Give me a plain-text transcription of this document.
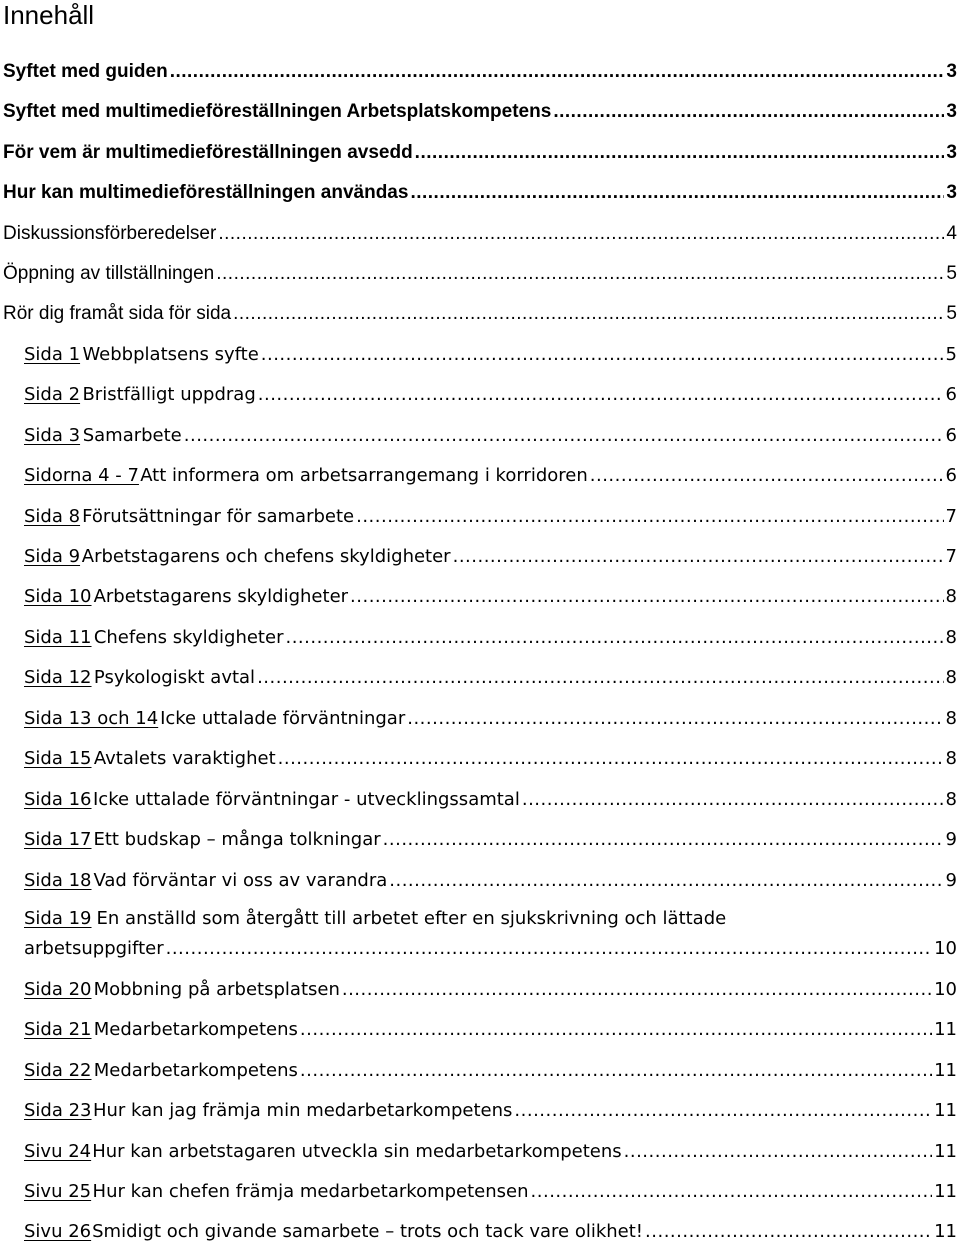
Innehåll
Syftet med guiden .....	3
Syftet med multimedieföreställningen Arbetsplatskompetens .....	3
För vem är multimedieföreställningen avsedd .....	3
Hur kan multimedieföreställningen användas .....	3
Diskussionsförberedelser .....	4
Öppning av tillställningen .....	5
Rör dig framåt sida för sida .....	5
Sida 1 Webbplatsens syfte .....	5
Sida 2 Bristfälligt uppdrag .....	6
Sida 3 Samarbete .....	6
Sidorna 4 - 7 Att informera om arbetsarrangemang i korridoren .....	6
Sida 8 Förutsättningar för samarbete .....	7
Sida 9 Arbetstagarens och chefens skyldigheter .....	7
Sida 10 Arbetstagarens skyldigheter .....	8
Sida 11 Chefens skyldigheter .....	8
Sida 12 Psykologiskt avtal .....	8
Sida 13 och 14 Icke uttalade förväntningar .....	8
Sida 15 Avtalets varaktighet .....	8
Sida 16 Icke uttalade förväntningar - utvecklingssamtal .....	8
Sida 17 Ett budskap – många tolkningar .....	9
Sida 18 Vad förväntar vi oss av varandra .....	9
Sida 19 En anställd som återgått till arbetet efter en sjukskrivning och lättade
arbetsuppgifter .....	10
Sida 20 Mobbning på arbetsplatsen .....	10
Sida 21 Medarbetarkompetens .....	11
Sida 22 Medarbetarkompetens .....	11
Sida 23 Hur kan jag främja min medarbetarkompetens .....	11
Sivu 24 Hur kan arbetstagaren utveckla sin medarbetarkompetens .....	11
Sivu 25 Hur kan chefen främja medarbetarkompetensen .....	11
Sivu 26 Smidigt och givande samarbete – trots och tack vare olikhet! .....	11
